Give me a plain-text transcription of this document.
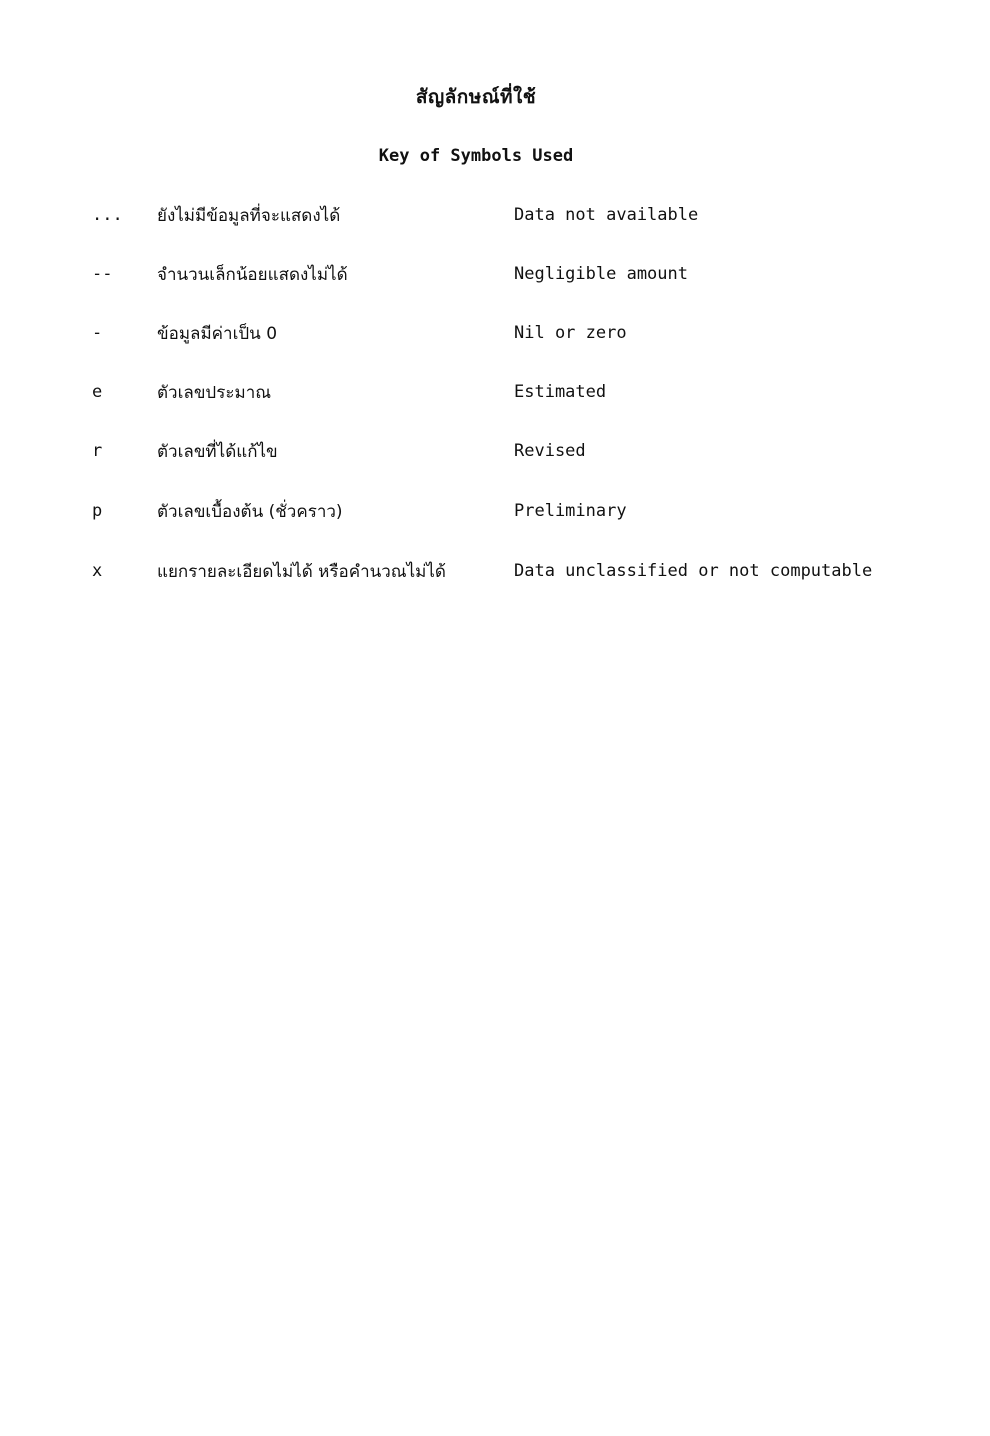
สัญลักษณ์ที่ใช้
Key of Symbols Used
... ยังไม่มีข้อมูลที่จะแสดงได้	Data not available
--	จำนวนเล็กน้อยแสดงไม่ได้	Negligible amount
-	ข้อมูลมีค่าเป็น 0	Nil or zero
e	ตัวเลขประมาณ	Estimated
r	ตัวเลขที่ได้แก้ไข	Revised
p	ตัวเลขเบื้องต้น (ชั่วคราว)	Preliminary
x	แยกรายละเอียดไม่ได้ หรือคำนวณไม่ได้	Data unclassified or not computable
